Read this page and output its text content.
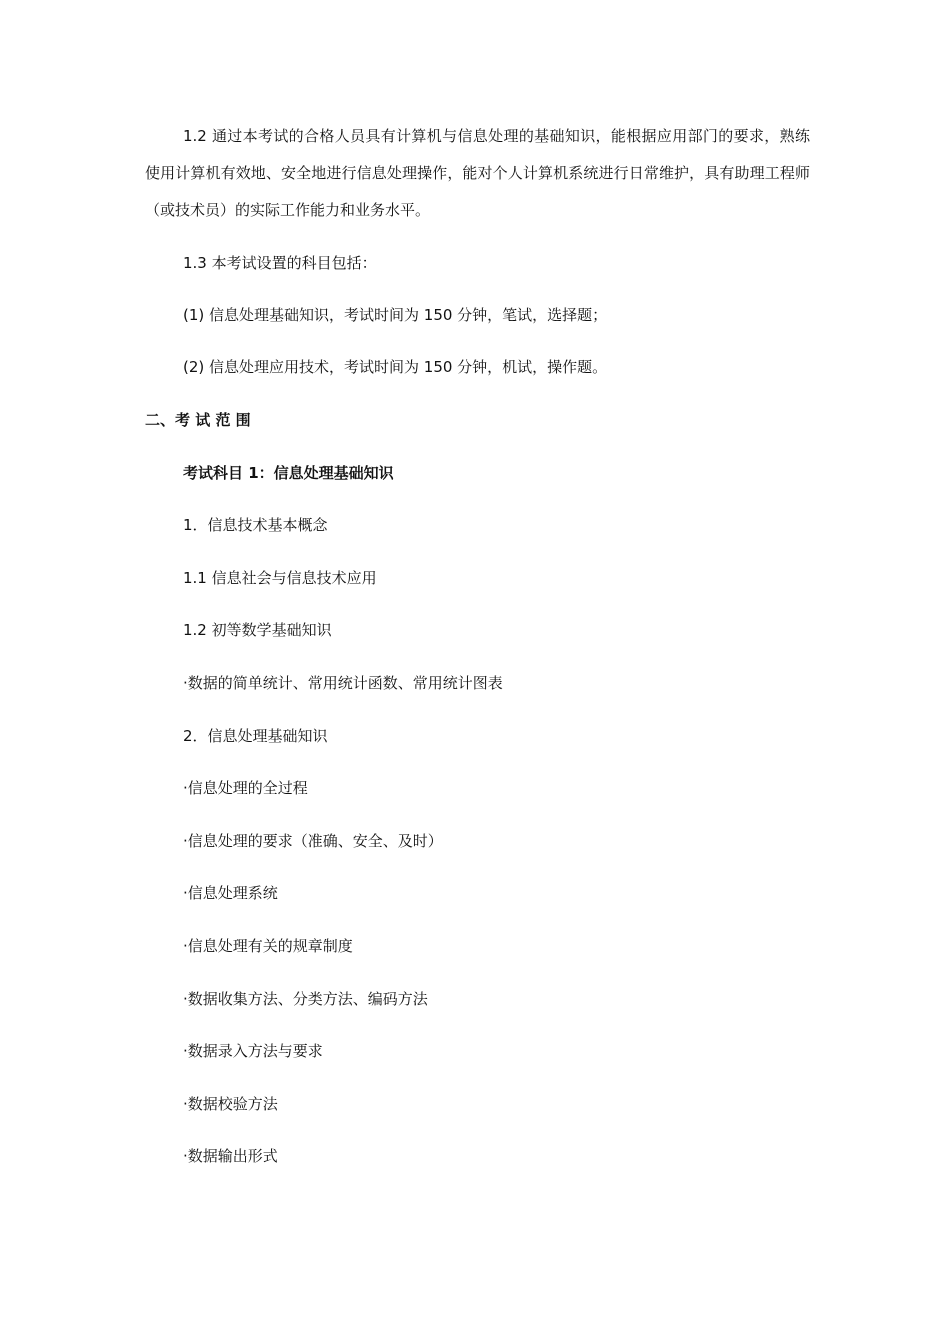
1.2 通过本考试的合格人员具有计算机与信息处理的基础知识，能根据应用部门的要求，熟练使用计算机有效地、安全地进行信息处理操作，能对个人计算机系统进行日常维护，具有助理工程师（或技术员）的实际工作能力和业务水平。

1.3 本考试设置的科目包括：

(1) 信息处理基础知识，考试时间为 150 分钟，笔试，选择题；

(2) 信息处理应用技术，考试时间为 150 分钟，机试，操作题。

二、考 试 范 围

考试科目 1：信息处理基础知识

1．信息技术基本概念

1.1 信息社会与信息技术应用

1.2 初等数学基础知识

·数据的简单统计、常用统计函数、常用统计图表

2．信息处理基础知识

·信息处理的全过程

·信息处理的要求（准确、安全、及时）

·信息处理系统

·信息处理有关的规章制度

·数据收集方法、分类方法、编码方法

·数据录入方法与要求

·数据校验方法

·数据输出形式
